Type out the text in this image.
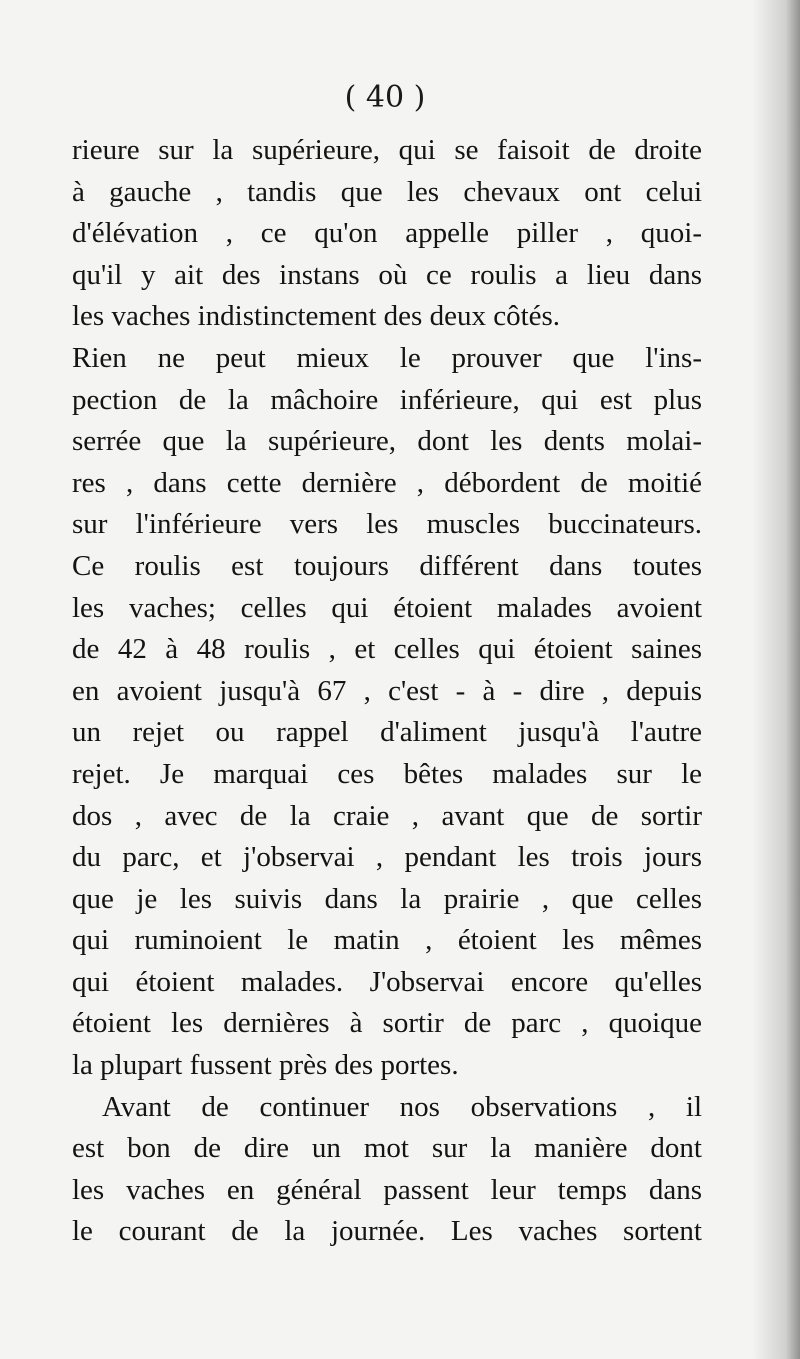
( 40 )
rieure sur la supérieure, qui se faisoit de droite
à gauche , tandis que les chevaux ont celui
d'élévation , ce qu'on appelle piller , quoi-
qu'il y ait des instans où ce roulis a lieu dans
les vaches indistinctement des deux côtés.
Rien ne peut mieux le prouver que l'ins-
pection de la mâchoire inférieure, qui est plus
serrée que la supérieure, dont les dents molai-
res , dans cette dernière , débordent de moitié
sur l'inférieure vers les muscles buccinateurs.
Ce roulis est toujours différent dans toutes
les vaches; celles qui étoient malades avoient
de 42 à 48 roulis , et celles qui étoient saines
en avoient jusqu'à 67 , c'est - à - dire , depuis
un rejet ou rappel d'aliment jusqu'à l'autre
rejet. Je marquai ces bêtes malades sur le
dos , avec de la craie , avant que de sortir
du parc, et j'observai , pendant les trois jours
que je les suivis dans la prairie , que celles
qui ruminoient le matin , étoient les mêmes
qui étoient malades. J'observai encore qu'elles
étoient les dernières à sortir de parc , quoique
la plupart fussent près des portes.
Avant de continuer nos observations , il
est bon de dire un mot sur la manière dont
les vaches en général passent leur temps dans
le courant de la journée. Les vaches sortent
